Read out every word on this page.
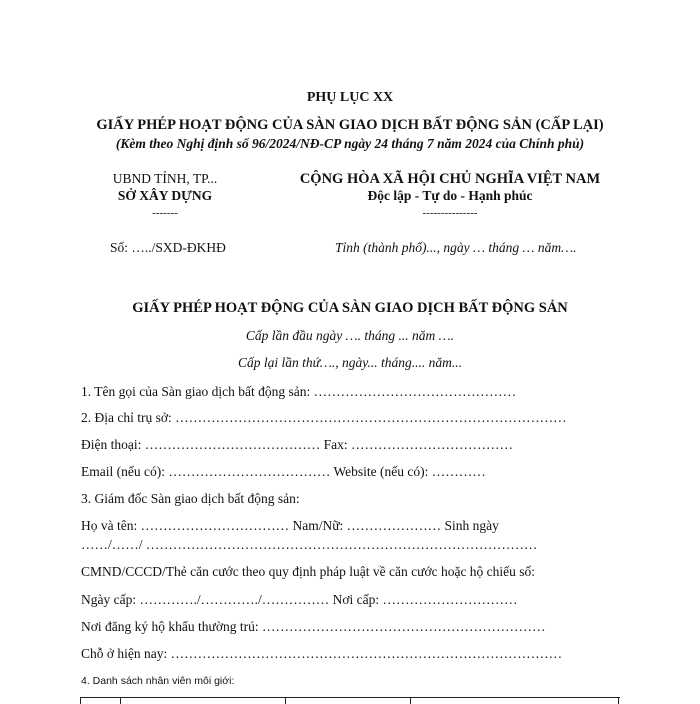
PHỤ LỤC XX
GIẤY PHÉP HOẠT ĐỘNG CỦA SÀN GIAO DỊCH BẤT ĐỘNG SẢN (CẤP LẠI)
(Kèm theo Nghị định số 96/2024/NĐ-CP ngày 24 tháng 7 năm 2024 của Chính phủ)
UBND TỈNH, TP...
SỞ XÂY DỰNG
-------
CỘNG HÒA XÃ HỘI CHỦ NGHĨA VIỆT NAM
Độc lập - Tự do - Hạnh phúc
---------------
Số: …../SXD-ĐKHĐ	Tỉnh (thành phố)..., ngày … tháng … năm….
GIẤY PHÉP HOẠT ĐỘNG CỦA SÀN GIAO DỊCH BẤT ĐỘNG SẢN
Cấp lần đầu ngày …. tháng ... năm ….
Cấp lại lần thứ…., ngày... tháng.... năm...
1. Tên gọi của Sàn giao dịch bất động sản: ………………………………………
2. Địa chỉ trụ sở: ……………………………………………………………………………
Điện thoại: ………………………………… Fax: ………………………………
Email (nếu có): ……………………………… Website (nếu có): …………
3. Giám đốc Sàn giao dịch bất động sản:
Họ và tên: …………………………… Nam/Nữ: ………………… Sinh ngày
……/……/ ……………………………………………………………………………
CMND/CCCD/Thẻ căn cước theo quy định pháp luật về căn cước hoặc hộ chiếu số:
Ngày cấp: …………./…………./…………… Nơi cấp: …………………………
Nơi đăng ký hộ khẩu thường trú: ………………………………………………………
Chỗ ở hiện nay: ……………………………………………………………………………
4. Danh sách nhân viên môi giới:
